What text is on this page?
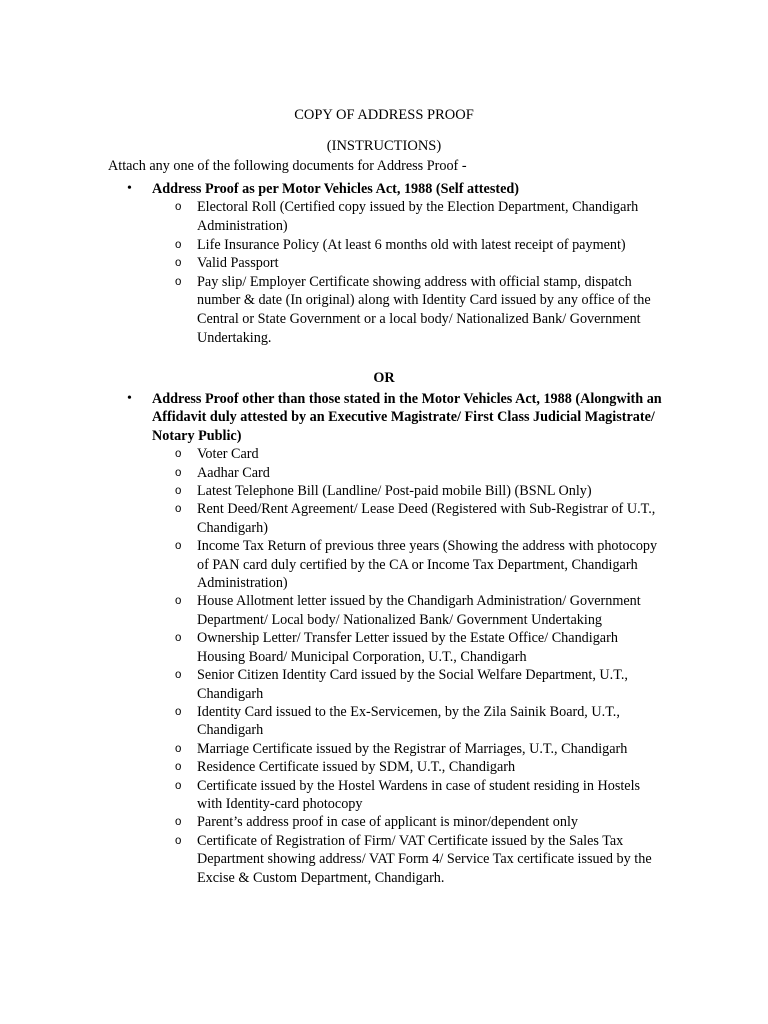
COPY OF ADDRESS PROOF
(INSTRUCTIONS)
Attach any one of the following documents for Address Proof -
• Address Proof as per Motor Vehicles Act, 1988 (Self attested)
o Electoral Roll (Certified copy issued by the Election Department, Chandigarh Administration)
o Life Insurance Policy (At least 6 months old with latest receipt of payment)
o Valid Passport
o Pay slip/ Employer Certificate showing address with official stamp, dispatch number & date (In original) along with Identity Card issued by any office of the Central or State Government or a local body/ Nationalized Bank/ Government Undertaking.
OR
• Address Proof other than those stated in the Motor Vehicles Act, 1988 (Alongwith an Affidavit duly attested by an Executive Magistrate/ First Class Judicial Magistrate/ Notary Public)
o Voter Card
o Aadhar Card
o Latest Telephone Bill (Landline/ Post-paid mobile Bill) (BSNL Only)
o Rent Deed/Rent Agreement/ Lease Deed (Registered with Sub-Registrar of U.T., Chandigarh)
o Income Tax Return of previous three years (Showing the address with photocopy of PAN card duly certified by the CA or Income Tax Department, Chandigarh Administration)
o House Allotment letter issued by the Chandigarh Administration/ Government Department/ Local body/ Nationalized Bank/ Government Undertaking
o Ownership Letter/ Transfer Letter issued by the Estate Office/ Chandigarh Housing Board/ Municipal Corporation, U.T., Chandigarh
o Senior Citizen Identity Card issued by the Social Welfare Department, U.T., Chandigarh
o Identity Card issued to the Ex-Servicemen, by the Zila Sainik Board, U.T., Chandigarh
o Marriage Certificate issued by the Registrar of Marriages, U.T., Chandigarh
o Residence Certificate issued by SDM, U.T., Chandigarh
o Certificate issued by the Hostel Wardens in case of student residing in Hostels with Identity-card photocopy
o Parent’s address proof in case of applicant is minor/dependent only
o Certificate of Registration of Firm/ VAT Certificate issued by the Sales Tax Department showing address/ VAT Form 4/ Service Tax certificate issued by the Excise & Custom Department, Chandigarh.
